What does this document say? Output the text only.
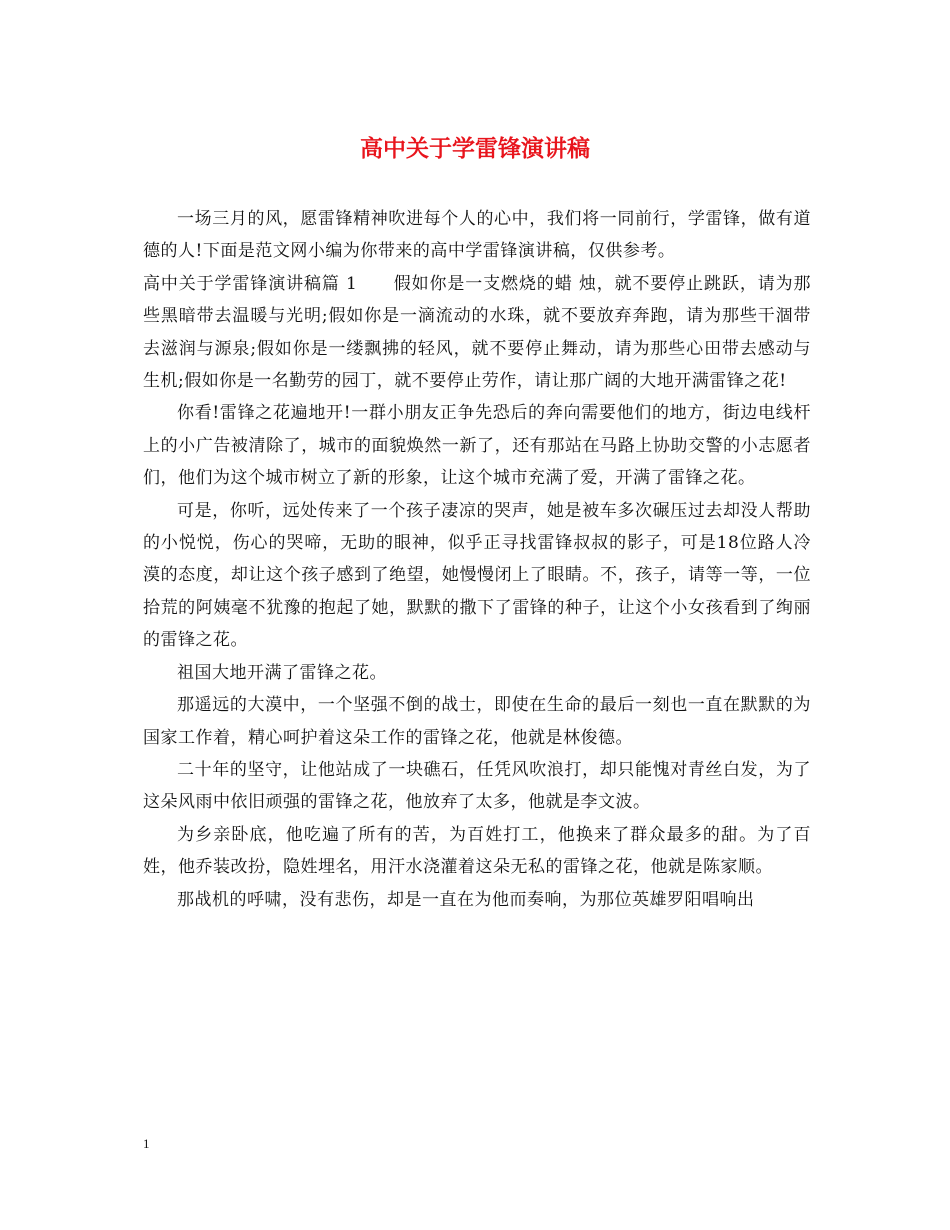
高中关于学雷锋演讲稿

一场三月的风，愿雷锋精神吹进每个人的心中，我们将一同前行，学雷锋，做有道德的人!下面是范文网小编为你带来的高中学雷锋演讲稿，仅供参考。

高中关于学雷锋演讲稿篇 1 假如你是一支燃烧的蜡 烛，就不要停止跳跃，请为那些黑暗带去温暖与光明;假如你是一滴流动的水珠，就不要放弃奔跑，请为那些干涸带去滋润与源泉;假如你是一缕飘拂的轻风，就不要停止舞动，请为那些心田带去感动与生机;假如你是一名勤劳的园丁，就不要停止劳作，请让那广阔的大地开满雷锋之花!

你看!雷锋之花遍地开!一群小朋友正争先恐后的奔向需要他们的地方，街边电线杆上的小广告被清除了，城市的面貌焕然一新了，还有那站在马路上协助交警的小志愿者们，他们为这个城市树立了新的形象，让这个城市充满了爱，开满了雷锋之花。

可是，你听，远处传来了一个孩子凄凉的哭声，她是被车多次碾压过去却没人帮助的小悦悦，伤心的哭啼，无助的眼神，似乎正寻找雷锋叔叔的影子，可是18位路人冷漠的态度，却让这个孩子感到了绝望，她慢慢闭上了眼睛。不，孩子，请等一等，一位拾荒的阿姨毫不犹豫的抱起了她，默默的撒下了雷锋的种子，让这个小女孩看到了绚丽的雷锋之花。

祖国大地开满了雷锋之花。

那遥远的大漠中，一个坚强不倒的战士，即使在生命的最后一刻也一直在默默的为国家工作着，精心呵护着这朵工作的雷锋之花，他就是林俊德。

二十年的坚守，让他站成了一块礁石，任凭风吹浪打，却只能愧对青丝白发，为了这朵风雨中依旧顽强的雷锋之花，他放弃了太多，他就是李文波。

为乡亲卧底，他吃遍了所有的苦，为百姓打工，他换来了群众最多的甜。为了百姓，他乔装改扮，隐姓埋名，用汗水浇灌着这朵无私的雷锋之花，他就是陈家顺。

那战机的呼啸，没有悲伤，却是一直在为他而奏响，为那位英雄罗阳唱响出

1
